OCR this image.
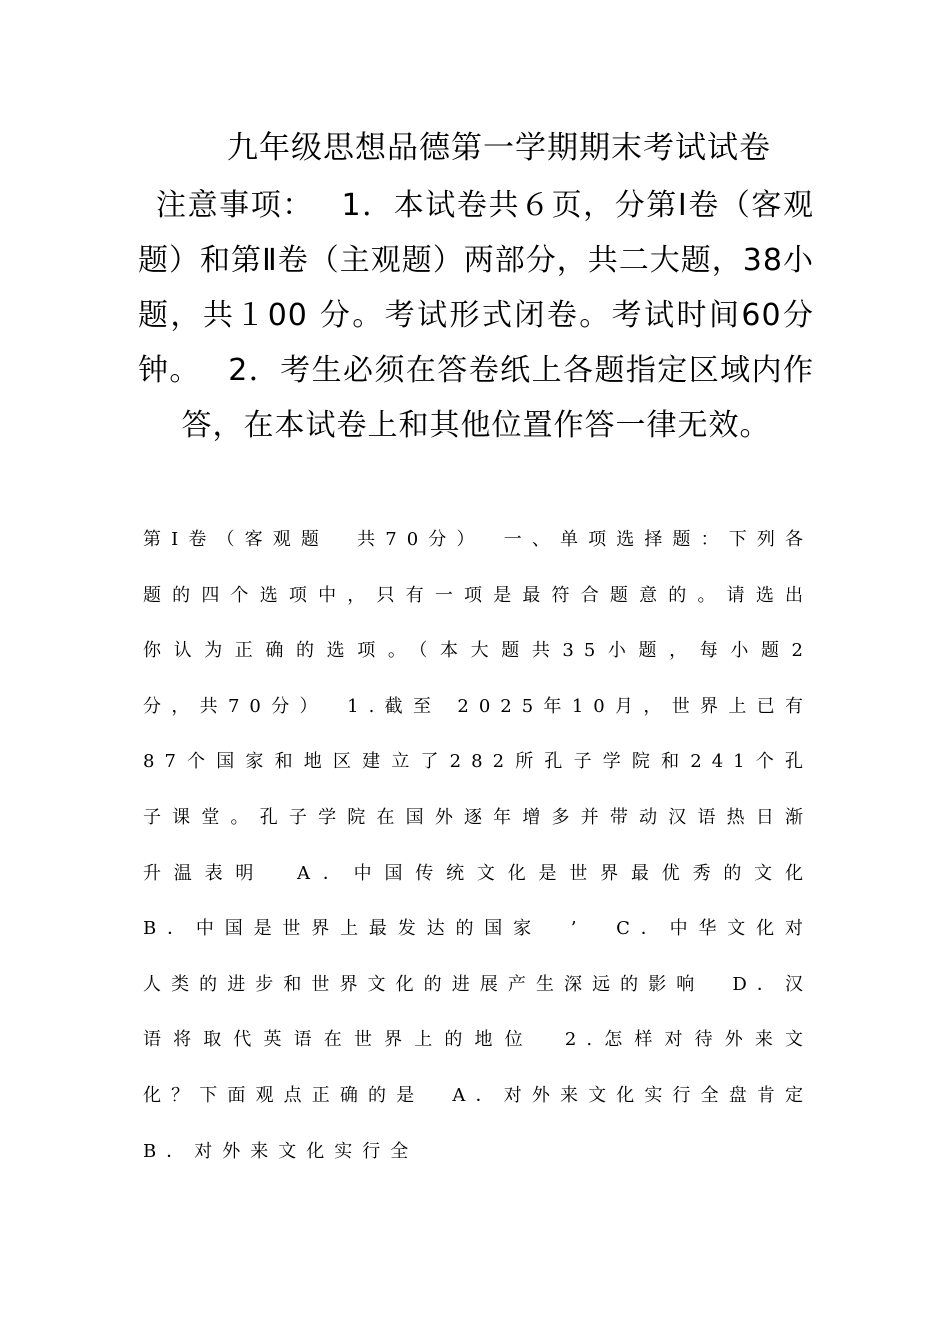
九年级思想品德第一学期期末考试试卷
注意事项：　 1．本试卷共６页，分第Ⅰ卷（客观题）和第Ⅱ卷（主观题）两部分，共二大题，38小题，共１00 分。考试形式闭卷。考试时间60分钟。　 2．考生必须在答卷纸上各题指定区域内作答，在本试卷上和其他位置作答一律无效。
第Ⅰ卷（客观题　共70分）　一、单项选择题：下列各题的四个选项中，只有一项是最符合题意的。请选出你认为正确的选项。（本大题共35小题，每小题2分，共70分）　1.截至 2025年10月，世界上已有87个国家和地区建立了282所孔子学院和241个孔子课堂。孔子学院在国外逐年增多并带动汉语热日渐升温表明　A．中国传统文化是世界最优秀的文化　B．中国是世界上最发达的国家　’　C．中华文化对人类的进步和世界文化的进展产生深远的影响　D．汉语将取代英语在世界上的地位　2.怎样对待外来文化？下面观点正确的是　A．对外来文化实行全盘肯定　B．对外来文化实行全
